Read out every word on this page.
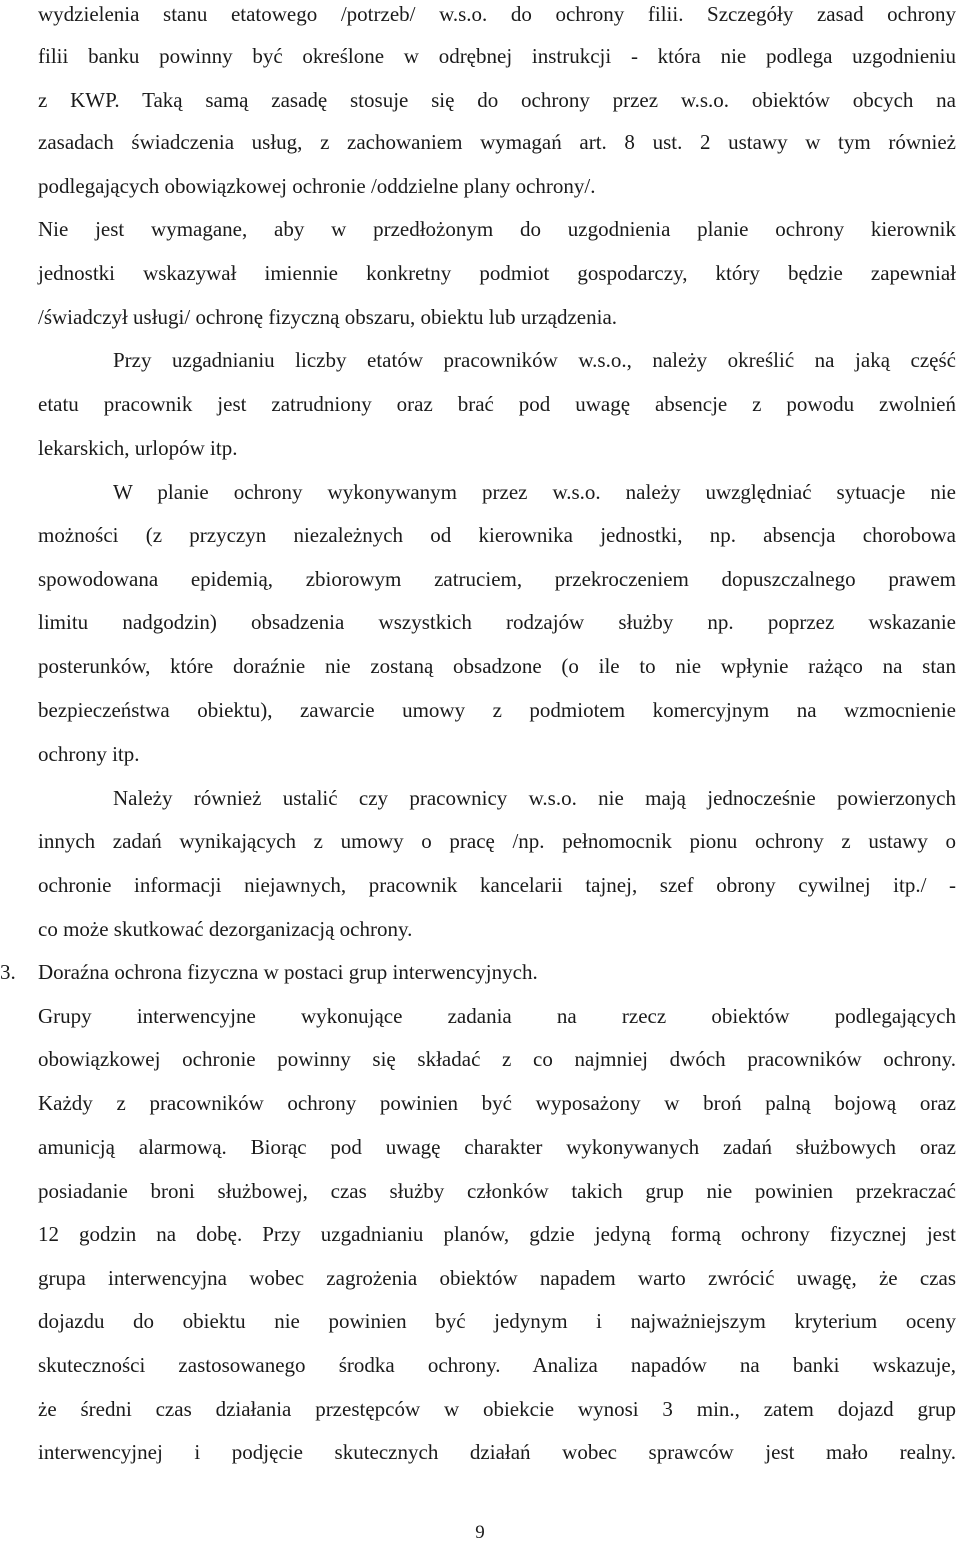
wydzielenia stanu etatowego /potrzeb/ w.s.o. do ochrony filii. Szczegóły zasad ochrony
filii banku powinny być określone w odrębnej instrukcji - która nie podlega uzgodnieniu
z KWP. Taką samą zasadę stosuje się do ochrony przez w.s.o. obiektów obcych na
zasadach świadczenia usług, z zachowaniem wymagań art. 8 ust. 2 ustawy w tym również
podlegających obowiązkowej ochronie /oddzielne plany ochrony/.
Nie jest wymagane, aby w przedłożonym do uzgodnienia planie ochrony kierownik
jednostki wskazywał imiennie konkretny podmiot gospodarczy, który będzie zapewniał
/świadczył usługi/ ochronę fizyczną obszaru, obiektu lub urządzenia.
Przy uzgadnianiu liczby etatów pracowników w.s.o., należy określić na jaką część
etatu pracownik jest zatrudniony oraz brać pod uwagę absencje z powodu zwolnień
lekarskich, urlopów itp.
W planie ochrony wykonywanym przez w.s.o. należy uwzględniać sytuacje nie
możności (z przyczyn niezależnych od kierownika jednostki, np. absencja chorobowa
spowodowana epidemią, zbiorowym zatruciem, przekroczeniem dopuszczalnego prawem
limitu nadgodzin) obsadzenia wszystkich rodzajów służby np. poprzez wskazanie
posterunków, które doraźnie nie zostaną obsadzone (o ile to nie wpłynie rażąco na stan
bezpieczeństwa obiektu), zawarcie umowy z podmiotem komercyjnym na wzmocnienie
ochrony itp.
Należy również ustalić czy pracownicy w.s.o. nie mają jednocześnie powierzonych
innych zadań wynikających z umowy o pracę /np. pełnomocnik pionu ochrony z ustawy o
ochronie informacji niejawnych, pracownik kancelarii tajnej, szef obrony cywilnej itp./ -
co może skutkować dezorganizacją ochrony.
3. Doraźna ochrona fizyczna w postaci grup interwencyjnych.
Grupy interwencyjne wykonujące zadania na rzecz obiektów podlegających
obowiązkowej ochronie powinny się składać z co najmniej dwóch pracowników ochrony.
Każdy z pracowników ochrony powinien być wyposażony w broń palną bojową oraz
amunicją alarmową. Biorąc pod uwagę charakter wykonywanych zadań służbowych oraz
posiadanie broni służbowej, czas służby członków takich grup nie powinien przekraczać
12 godzin na dobę. Przy uzgadnianiu planów, gdzie jedyną formą ochrony fizycznej jest
grupa interwencyjna wobec zagrożenia obiektów napadem warto zwrócić uwagę, że czas
dojazdu do obiektu nie powinien być jedynym i najważniejszym kryterium oceny
skuteczności zastosowanego środka ochrony. Analiza napadów na banki wskazuje,
że średni czas działania przestępców w obiekcie wynosi 3 min., zatem dojazd grup
interwencyjnej i podjęcie skutecznych działań wobec sprawców jest mało realny.
9
